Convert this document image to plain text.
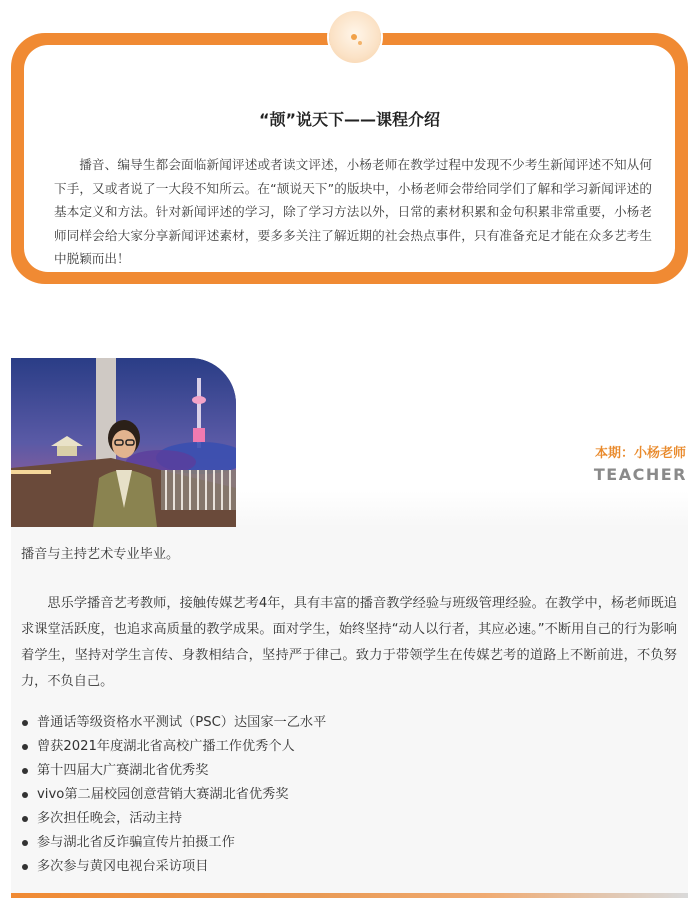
“颉”说天下——课程介绍

播音、编导生都会面临新闻评述或者读文评述，小杨老师在教学过程中发现不少考生新闻评述不知从何下手，又或者说了一大段不知所云。在“颉说天下”的版块中，小杨老师会带给同学们了解和学习新闻评述的基本定义和方法。针对新闻评述的学习，除了学习方法以外，日常的素材积累和金句积累非常重要，小杨老师同样会给大家分享新闻评述素材，要多多关注了解近期的社会热点事件，只有准备充足才能在众多艺考生中脱颖而出！

本期：小杨老师

TEACHER

播音与主持艺术专业毕业。

思乐学播音艺考教师，接触传媒艺考4年，具有丰富的播音教学经验与班级管理经验。在教学中，杨老师既追求课堂活跃度，也追求高质量的教学成果。面对学生，始终坚持“动人以行者，其应必速。”不断用自己的行为影响着学生，坚持对学生言传、身教相结合，坚持严于律己。致力于带领学生在传媒艺考的道路上不断前进，不负努力，不负自己。

普通话等级资格水平测试（PSC）达国家一乙水平
曾获2021年度湖北省高校广播工作优秀个人
第十四届大广赛湖北省优秀奖
vivo第二届校园创意营销大赛湖北省优秀奖
多次担任晚会，活动主持
参与湖北省反诈骗宣传片拍摄工作
多次参与黄冈电视台采访项目
